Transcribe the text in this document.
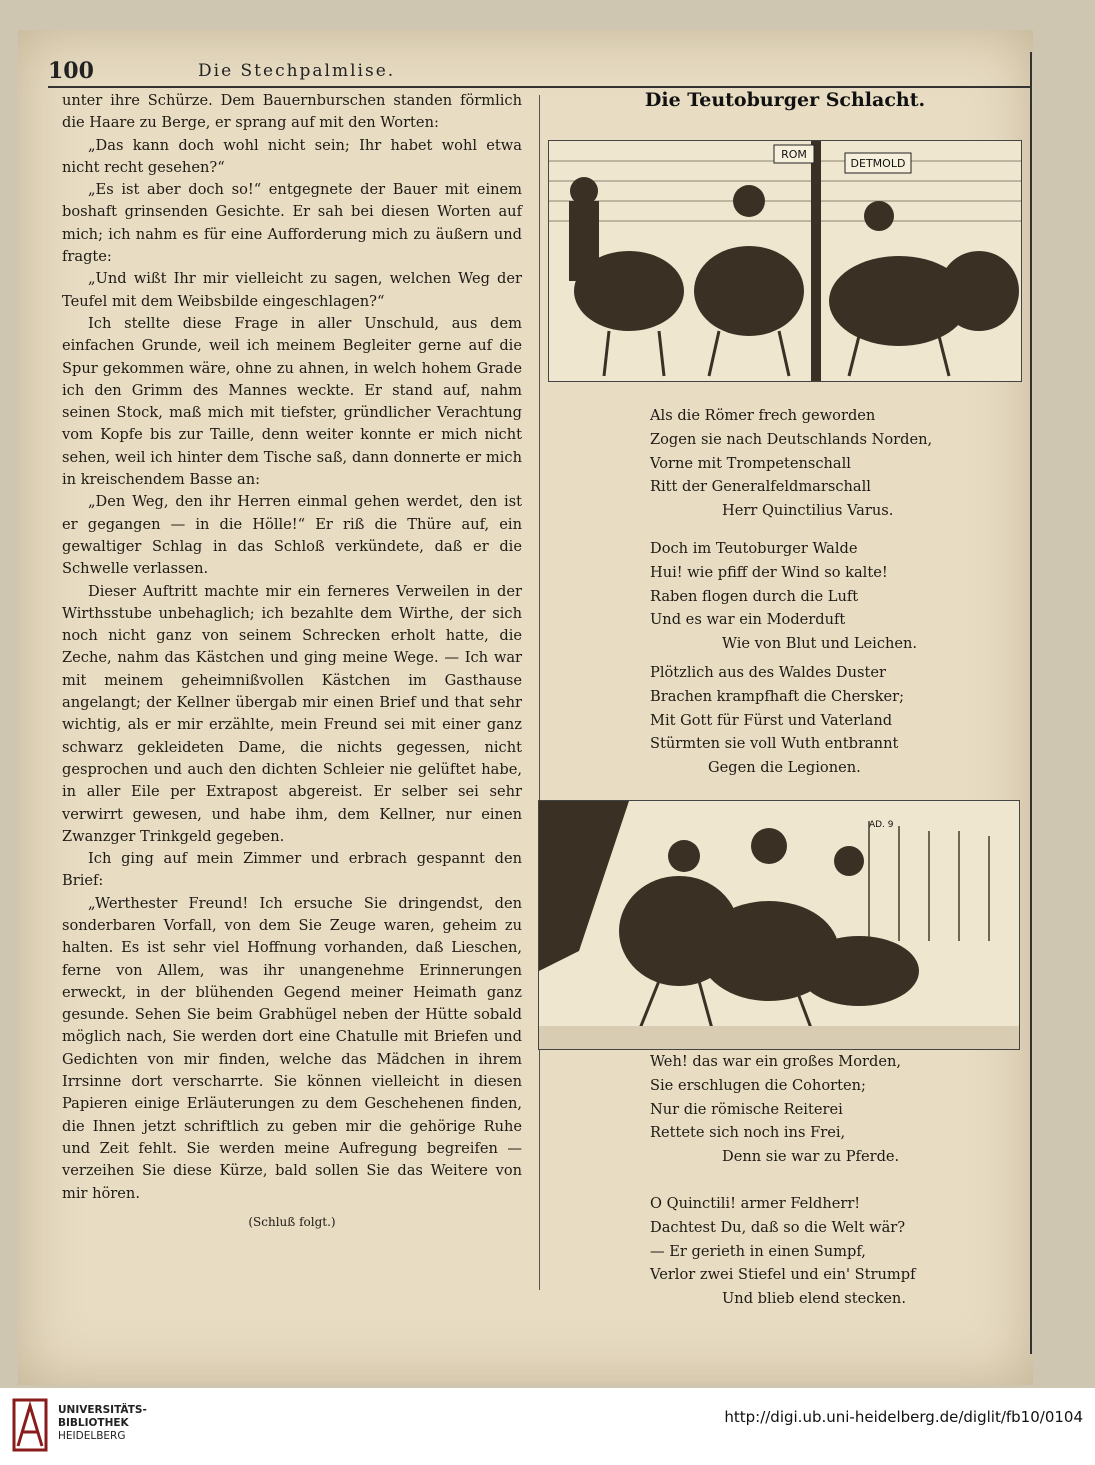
100	Die Stechpalmlise.

unter ihre Schürze. Dem Bauernburschen standen förmlich die Haare zu Berge, er sprang auf mit den Worten:

„Das kann doch wohl nicht sein; Ihr habet wohl etwa nicht recht gesehen?“

„Es ist aber doch so!“ entgegnete der Bauer mit einem boshaft grinsenden Gesichte. Er sah bei diesen Worten auf mich; ich nahm es für eine Aufforderung mich zu äußern und fragte:

„Und wißt Ihr mir vielleicht zu sagen, welchen Weg der Teufel mit dem Weibsbilde eingeschlagen?“

Ich stellte diese Frage in aller Unschuld, aus dem einfachen Grunde, weil ich meinem Begleiter gerne auf die Spur gekommen wäre, ohne zu ahnen, in welch hohem Grade ich den Grimm des Mannes weckte. Er stand auf, nahm seinen Stock, maß mich mit tiefster, gründlicher Verachtung vom Kopfe bis zur Taille, denn weiter konnte er mich nicht sehen, weil ich hinter dem Tische saß, dann donnerte er mich in kreischendem Basse an:

„Den Weg, den ihr Herren einmal gehen werdet, den ist er gegangen — in die Hölle!“ Er riß die Thüre auf, ein gewaltiger Schlag in das Schloß verkündete, daß er die Schwelle verlassen.

Dieser Auftritt machte mir ein ferneres Verweilen in der Wirthsstube unbehaglich; ich bezahlte dem Wirthe, der sich noch nicht ganz von seinem Schrecken erholt hatte, die Zeche, nahm das Kästchen und ging meine Wege. — Ich war mit meinem geheimnißvollen Kästchen im Gasthause angelangt; der Kellner übergab mir einen Brief und that sehr wichtig, als er mir erzählte, mein Freund sei mit einer ganz schwarz gekleideten Dame, die nichts gegessen, nicht gesprochen und auch den dichten Schleier nie gelüftet habe, in aller Eile per Extrapost abgereist. Er selber sei sehr verwirrt gewesen, und habe ihm, dem Kellner, nur einen Zwanzger Trinkgeld gegeben.

Ich ging auf mein Zimmer und erbrach gespannt den Brief:

„Werthester Freund! Ich ersuche Sie dringendst, den sonderbaren Vorfall, von dem Sie Zeuge waren, geheim zu halten. Es ist sehr viel Hoffnung vorhanden, daß Lieschen, ferne von Allem, was ihr unangenehme Erinnerungen erweckt, in der blühenden Gegend meiner Heimath ganz gesunde. Sehen Sie beim Grabhügel neben der Hütte sobald möglich nach, Sie werden dort eine Chatulle mit Briefen und Gedichten von mir finden, welche das Mädchen in ihrem Irrsinne dort verscharrte. Sie können vielleicht in diesen Papieren einige Erläuterungen zu dem Geschehenen finden, die Ihnen jetzt schriftlich zu geben mir die gehörige Ruhe und Zeit fehlt. Sie werden meine Aufregung begreifen — verzeihen Sie diese Kürze, bald sollen Sie das Weitere von mir hören.

(Schluß folgt.)

Die Teutoburger Schlacht.
ROM
DETMOLD
Als die Römer frech geworden
Zogen sie nach Deutschlands Norden,
Vorne mit Trompetenschall
Ritt der Generalfeldmarschall
Herr Quinctilius Varus.
Doch im Teutoburger Walde
Hui! wie pfiff der Wind so kalte!
Raben flogen durch die Luft
Und es war ein Moderduft
Wie von Blut und Leichen.
Plötzlich aus des Waldes Duster
Brachen krampfhaft die Chersker;
Mit Gott für Fürst und Vaterland
Stürmten sie voll Wuth entbrannt
Gegen die Legionen.
AD. 9
Weh! das war ein großes Morden,
Sie erschlugen die Cohorten;
Nur die römische Reiterei
Rettete sich noch ins Frei,
Denn sie war zu Pferde.
O Quinctili! armer Feldherr!
Dachtest Du, daß so die Welt wär?
— Er gerieth in einen Sumpf,
Verlor zwei Stiefel und ein' Strumpf
Und blieb elend stecken.
UNIVERSITÄTS-
BIBLIOTHEK
HEIDELBERG
http://digi.ub.uni-heidelberg.de/diglit/fb10/0104
